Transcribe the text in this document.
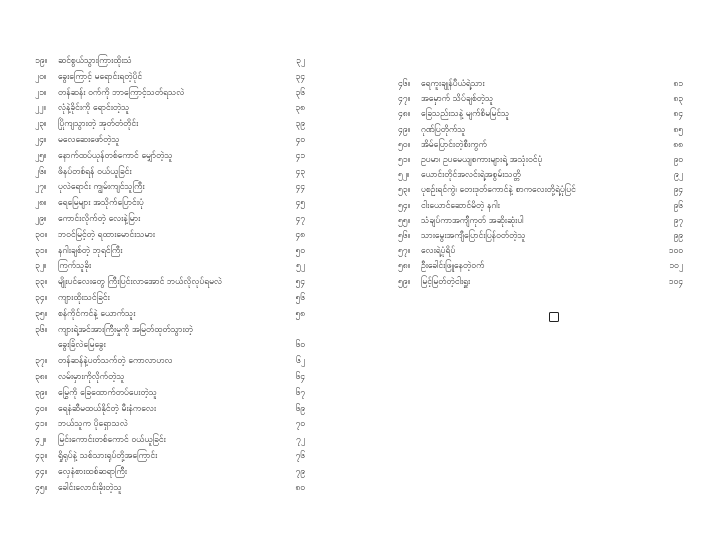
၁၉။	ဆင်စွယ်သွားကြားထိုးသံ	၃၂
၂၀။	ခွေးကြောင့် မရောင်းရတဲ့ပိုင်	၃၄
၂၁။	တန်ဆန်း ဝက်ကို ဘာကြောင့်သတ်ရသလဲ	၃၆
၂၂။	လုံနဲ့ခိုင်းကို ရောင်းတဲ့သူ	၃၈
၂၃။	ပြိုကျသွားတဲ့ အုတ်တံတိုင်း	၃၉
၂၄။	မလေဆေးဖော်တဲ့သူ	၄၀
၂၅။	နောက်ထပ်ယုန်တစ်ကောင် မျှော်တဲ့သူ	၄၁
၂၆။	ဖိနပ်တစ်ရန် ဝယ်ယူခြင်း	၄၃
၂၇။	ပုလဲရောင်း ကျွမ်းကျင်သူကြီး	၄၄
၂၈။	ရေမြေများ အသိုက်ပြောင်းပုံ	၄၅
၂၉။	ကောင်းလိုက်တဲ့ လေးနဲ့မြား	၄၇
၃၀။	ဘဝင်မြင့်တဲ့ ရထားမောင်းသမား	၄၈
၃၁။	နဂါးချစ်တဲ့ ဘုရင်ကြီး	၅၀
၃၂။	ကြက်သူခိုး	၅၂
၃၃။	မျိုးပင်လေးတွေ ကြီးပြင်းလာအောင် ဘယ်လိုလုပ်ရမလဲ	၅၄
၃၄။	ကျားထိုးသင်ခြင်း	၅၆
၃၅။	စန်ကိုင်ကင်နဲ့ ယောက်သူး	၅၈
၃၆။	ကျားရဲ့အင်အားကြီးမှုကို အမြတ်ထုတ်သွားတဲ့
ခွေးခြံလဲမြေခွေး	၆၀
၃၇။	တန်ဆန်နဲ့ပတ်သက်တဲ့ ကောလာဟလ	၆၂
၃၈။	လမ်းမှားကိုလိုက်တဲ့သူ	၆၄
၃၉။	မြွေကို ခြေထောက်တပ်ပေးတဲ့သူ	၆၇
၄၀။	ရေနံဆီမထယ်နိုင်တဲ့ မီးနံကလေး	၆၉
၄၁။	ဘယ်သူက ပိုရှောသလဲ	၇၀
၄၂။	မြင်းကောင်းတစ်ကောင် ဝယ်ယူခြင်း	၇၂
၄၃။	ရှိုရုပ်နဲ့ သစ်သားရုပ်တို့အကြောင်း	၇၆
၄၄။	လှေနံစားထစ်ဆရာကြီး	၇၉
၄၅။	ခေါင်းလောင်းခိုးတဲ့သူ	၈၀
၄၆။	ရေကူးချုန်ပီယံရဲ့သား	၈၁
၄၇။	အမှောက် သိပ်ချစ်တဲ့သူ	၈၃
၄၈။	ခြေသည်းသနဲ့ မျက်စိမမြင်သူ	၈၄
၄၉။	ဂုဏ်ပြတိုက်သူ	၈၅
၅၀။	အိမ်ပြောင်းတဲ့စီးကွက်	၈၈
၅၁။	ဥပမာ၊ ဥပမေယျစကားများရဲ့ အသုံးဝင်ပုံ	၉၀
၅၂။	ယောင်းတိုင်အလင်းရဲ့အစွမ်းသတ္တိ	၉၂
၅၃။	ပုစဉ်းရင်ကွဲ၊ တေးဒုတ်ကောင်နဲ့ စာကလေးတို့ရဲ့ပုံပြင်	၉၄
၅၄။	ငါးယောင်ဆောင်မိတဲ့ နဂါး	၉၆
၅၅။	သံချပ်ကာအကျီကုတ် အဆိုးဆုံးပါ	၉၇
၅၆။	သားမွေးအကျီပြောင်းပြန်ဝတ်တဲ့သူ	၉၉
၅၇။	လေးရဲ့ပုံရိပ်	၁၀၀
၅၈။	ဦးခေါင်းဖြူနေတဲ့ဝက်	၁၀၂
၅၉။	မြင့်မြတ်တဲ့ငါးရှူး	၁၀၄
